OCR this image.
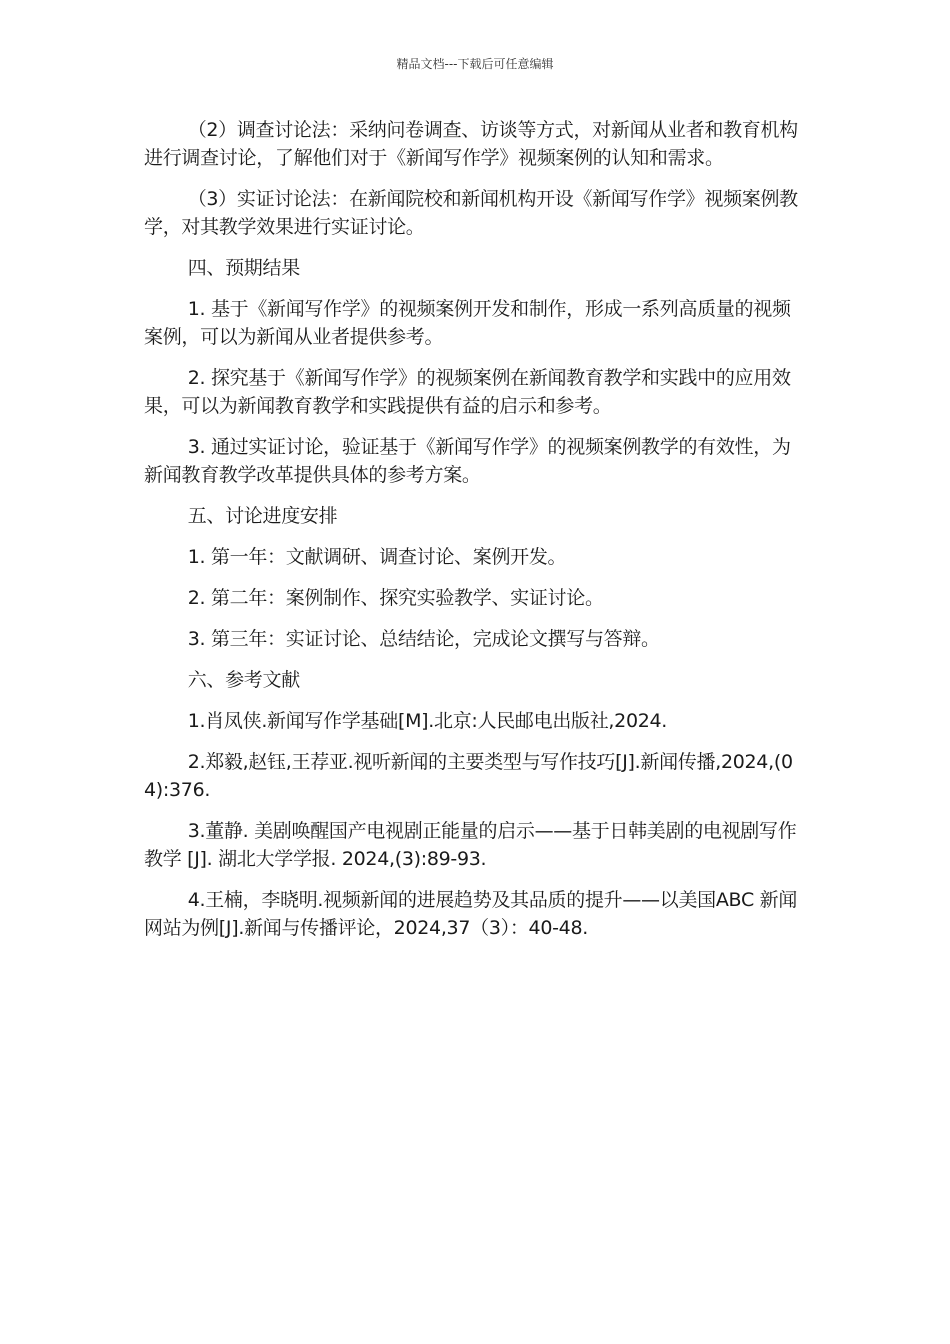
精品文档---下载后可任意编辑

（2）调查讨论法：采纳问卷调查、访谈等方式，对新闻从业者和教育机构进行调查讨论，了解他们对于《新闻写作学》视频案例的认知和需求。

（3）实证讨论法：在新闻院校和新闻机构开设《新闻写作学》视频案例教学，对其教学效果进行实证讨论。

四、预期结果

1. 基于《新闻写作学》的视频案例开发和制作，形成一系列高质量的视频案例，可以为新闻从业者提供参考。

2. 探究基于《新闻写作学》的视频案例在新闻教育教学和实践中的应用效果，可以为新闻教育教学和实践提供有益的启示和参考。

3. 通过实证讨论，验证基于《新闻写作学》的视频案例教学的有效性，为新闻教育教学改革提供具体的参考方案。

五、讨论进度安排

1. 第一年：文献调研、调查讨论、案例开发。

2. 第二年：案例制作、探究实验教学、实证讨论。

3. 第三年：实证讨论、总结结论，完成论文撰写与答辩。

六、参考文献

1.肖凤侠.新闻写作学基础[M].北京:人民邮电出版社,2024.

2.郑毅,赵钰,王荐亚.视听新闻的主要类型与写作技巧[J].新闻传播,2024,(04):376.

3.董静. 美剧唤醒国产电视剧正能量的启示——基于日韩美剧的电视剧写作教学 [J]. 湖北大学学报. 2024,(3):89-93.

4.王楠，李晓明.视频新闻的进展趋势及其品质的提升——以美国ABC 新闻网站为例[J].新闻与传播评论，2024,37（3）：40-48.
